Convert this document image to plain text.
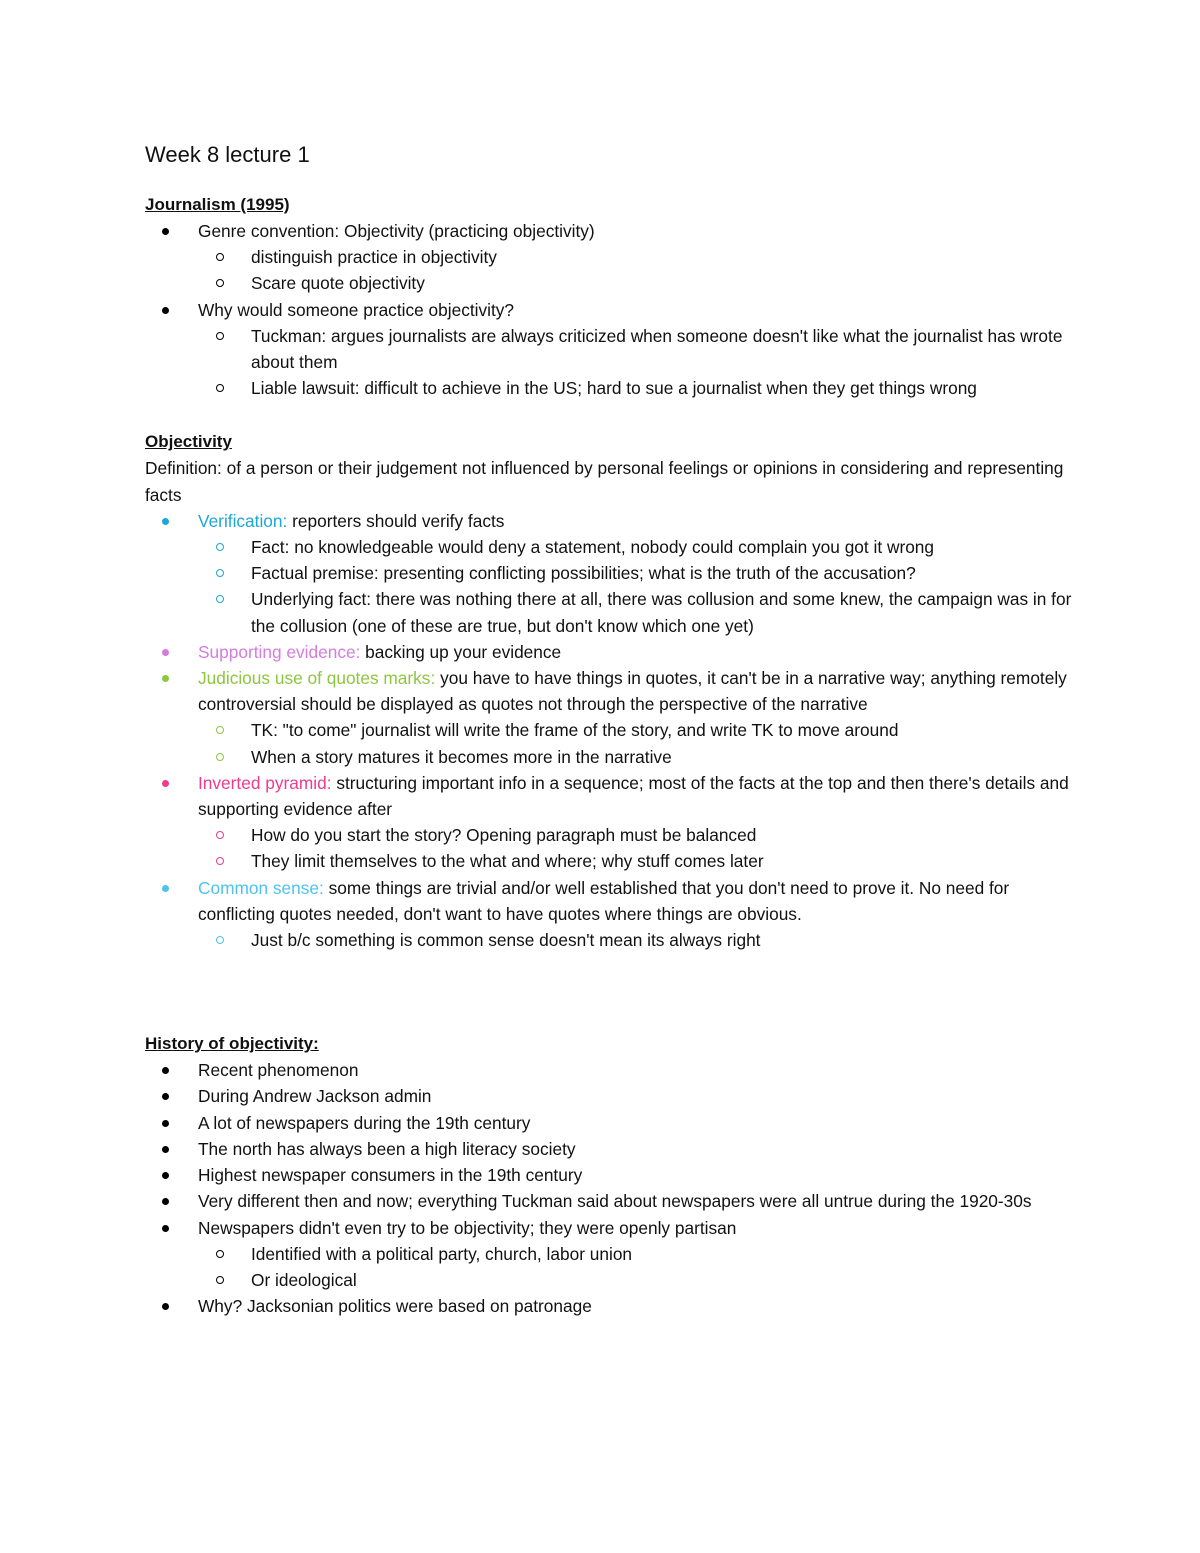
Week 8 lecture 1
Journalism (1995)
Genre convention: Objectivity (practicing objectivity)
distinguish practice in objectivity
Scare quote objectivity
Why would someone practice objectivity?
Tuckman: argues journalists are always criticized when someone doesn't like what the journalist has wrote about them
Liable lawsuit: difficult to achieve in the US; hard to sue a journalist when they get things wrong
Objectivity

Definition: of a person or their judgement not influenced by personal feelings or opinions in considering and representing facts

Verification: reporters should verify facts
Fact: no knowledgeable would deny a statement, nobody could complain you got it wrong
Factual premise: presenting conflicting possibilities; what is the truth of the accusation?
Underlying fact: there was nothing there at all, there was collusion and some knew, the campaign was in for the collusion (one of these are true, but don't know which one yet)
Supporting evidence: backing up your evidence
Judicious use of quotes marks: you have to have things in quotes, it can't be in a narrative way; anything remotely controversial should be displayed as quotes not through the perspective of the narrative
TK: "to come" journalist will write the frame of the story, and write TK to move around
When a story matures it becomes more in the narrative
Inverted pyramid: structuring important info in a sequence; most of the facts at the top and then there's details and supporting evidence after
How do you start the story? Opening paragraph must be balanced
They limit themselves to the what and where; why stuff comes later
Common sense: some things are trivial and/or well established that you don't need to prove it. No need for conflicting quotes needed, don't want to have quotes where things are obvious.
Just b/c something is common sense doesn't mean its always right
History of objectivity:
Recent phenomenon
During Andrew Jackson admin
A lot of newspapers during the 19th century
The north has always been a high literacy society
Highest newspaper consumers in the 19th century
Very different then and now; everything Tuckman said about newspapers were all untrue during the 1920-30s
Newspapers didn't even try to be objectivity; they were openly partisan
Identified with a political party, church, labor union
Or ideological
Why? Jacksonian politics were based on patronage
